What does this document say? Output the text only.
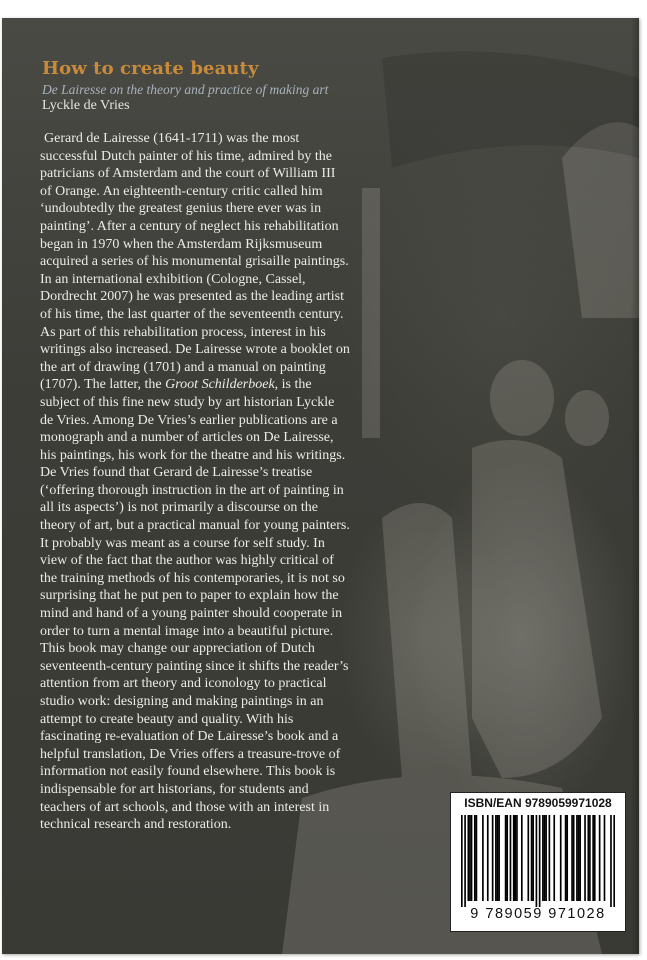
How to create beauty

De Lairesse on the theory and practice of making art

Lyckle de Vries

Gerard de Lairesse (1641-1711) was the most successful Dutch painter of his time, admired by the patricians of Amsterdam and the court of William III of Orange. An eighteenth-century critic called him ‘undoubtedly the greatest genius there ever was in painting’. After a century of neglect his rehabilitation began in 1970 when the Amsterdam Rijksmuseum acquired a series of his monumental grisaille paintings. In an international exhibition (Cologne, Cassel, Dordrecht 2007) he was presented as the leading artist of his time, the last quarter of the seventeenth century. As part of this rehabilitation process, interest in his writings also increased. De Lairesse wrote a booklet on the art of drawing (1701) and a manual on painting (1707). The latter, the Groot Schilderboek, is the subject of this fine new study by art historian Lyckle de Vries. Among De Vries’s earlier publications are a monograph and a number of articles on De Lairesse, his paintings, his work for the theatre and his writings.

De Vries found that Gerard de Lairesse’s treatise (‘offering thorough instruction in the art of painting in all its aspects’) is not primarily a discourse on the theory of art, but a practical manual for young painters. It probably was meant as a course for self study. In view of the fact that the author was highly critical of the training methods of his contemporaries, it is not so surprising that he put pen to paper to explain how the mind and hand of a young painter should cooperate in order to turn a mental image into a beautiful picture.

This book may change our appreciation of Dutch seventeenth-century painting since it shifts the reader’s attention from art theory and iconology to practical studio work: designing and making paintings in an attempt to create beauty and quality. With his fascinating re-evaluation of De Lairesse’s book and a helpful translation, De Vries offers a treasure-trove of information not easily found elsewhere. This book is indispensable for art historians, for students and teachers of art schools, and those with an interest in technical research and restoration.

ISBN/EAN 9789059971028
9 789059 971028
